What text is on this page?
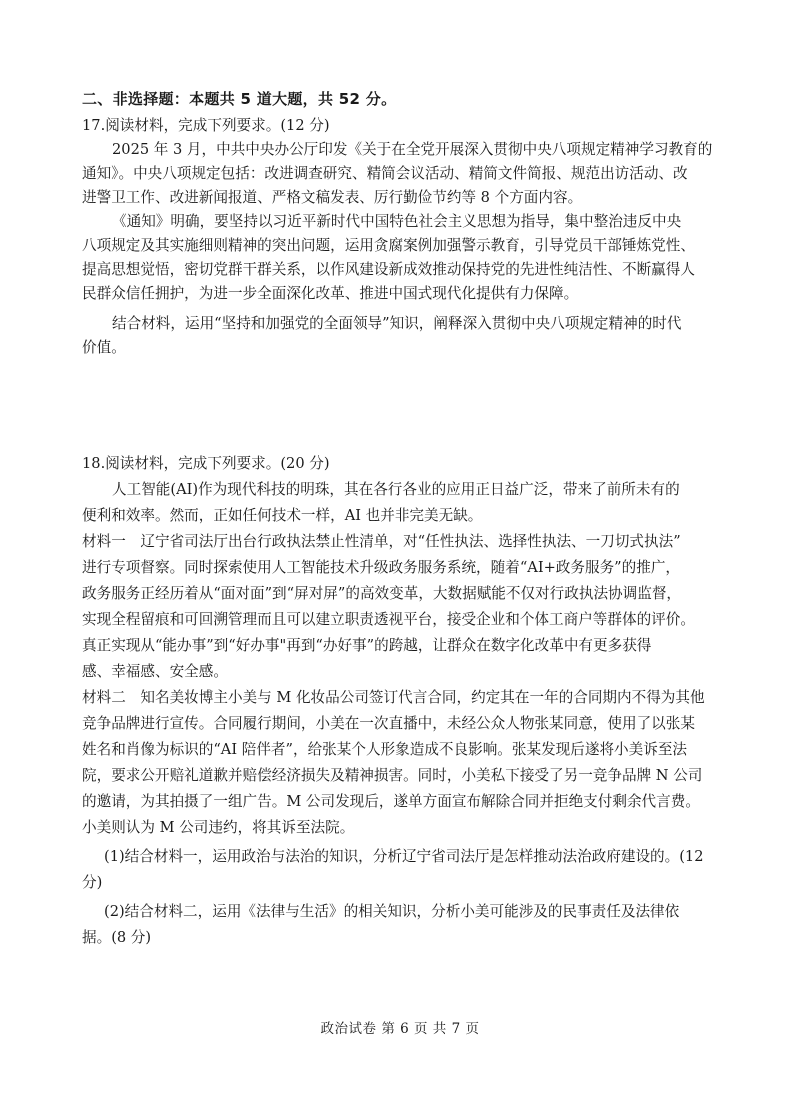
二、非选择题：本题共 5 道大题，共 52 分。
17.阅读材料，完成下列要求。(12 分)
2025 年 3 月，中共中央办公厅印发《关于在全党开展深入贯彻中央八项规定精神学习教育的
通知》。中央八项规定包括：改进调查研究、精简会议活动、精简文件简报、规范出访活动、改
进警卫工作、改进新闻报道、严格文稿发表、厉行勤俭节约等 8 个方面内容。
《通知》明确，要坚持以习近平新时代中国特色社会主义思想为指导，集中整治违反中央
八项规定及其实施细则精神的突出问题，运用贪腐案例加强警示教育，引导党员干部锤炼党性、
提高思想觉悟，密切党群干群关系，以作风建设新成效推动保持党的先进性纯洁性、不断赢得人
民群众信任拥护，为进一步全面深化改革、推进中国式现代化提供有力保障。
结合材料，运用“坚持和加强党的全面领导”知识，阐释深入贯彻中央八项规定精神的时代
价值。
18.阅读材料，完成下列要求。(20 分)
人工智能(AI)作为现代科技的明珠，其在各行各业的应用正日益广泛，带来了前所未有的
便利和效率。然而，正如任何技术一样，AI 也并非完美无缺。
材料一　辽宁省司法厅出台行政执法禁止性清单，对“任性执法、选择性执法、一刀切式执法”
进行专项督察。同时探索使用人工智能技术升级政务服务系统，随着“AI+政务服务”的推广，
政务服务正经历着从“面对面”到“屏对屏”的高效变革，大数据赋能不仅对行政执法协调监督，
实现全程留痕和可回溯管理而且可以建立职责透视平台，接受企业和个体工商户等群体的评价。
真正实现从“能办事”到“好办事"再到“办好事”的跨越，让群众在数字化改革中有更多获得
感、幸福感、安全感。
材料二　知名美妆博主小美与 M 化妆品公司签订代言合同，约定其在一年的合同期内不得为其他
竞争品牌进行宣传。合同履行期间，小美在一次直播中，未经公众人物张某同意，使用了以张某
姓名和肖像为标识的“AI 陪伴者”，给张某个人形象造成不良影响。张某发现后遂将小美诉至法
院，要求公开赔礼道歉并赔偿经济损失及精神损害。同时，小美私下接受了另一竞争品牌 N 公司
的邀请，为其拍摄了一组广告。M 公司发现后，遂单方面宣布解除合同并拒绝支付剩余代言费。
小美则认为 M 公司违约，将其诉至法院。
(1)结合材料一，运用政治与法治的知识，分析辽宁省司法厅是怎样推动法治政府建设的。(12
分)
(2)结合材料二，运用《法律与生活》的相关知识，分析小美可能涉及的民事责任及法律依
据。(8 分)
政治试卷 第 6 页 共 7 页
